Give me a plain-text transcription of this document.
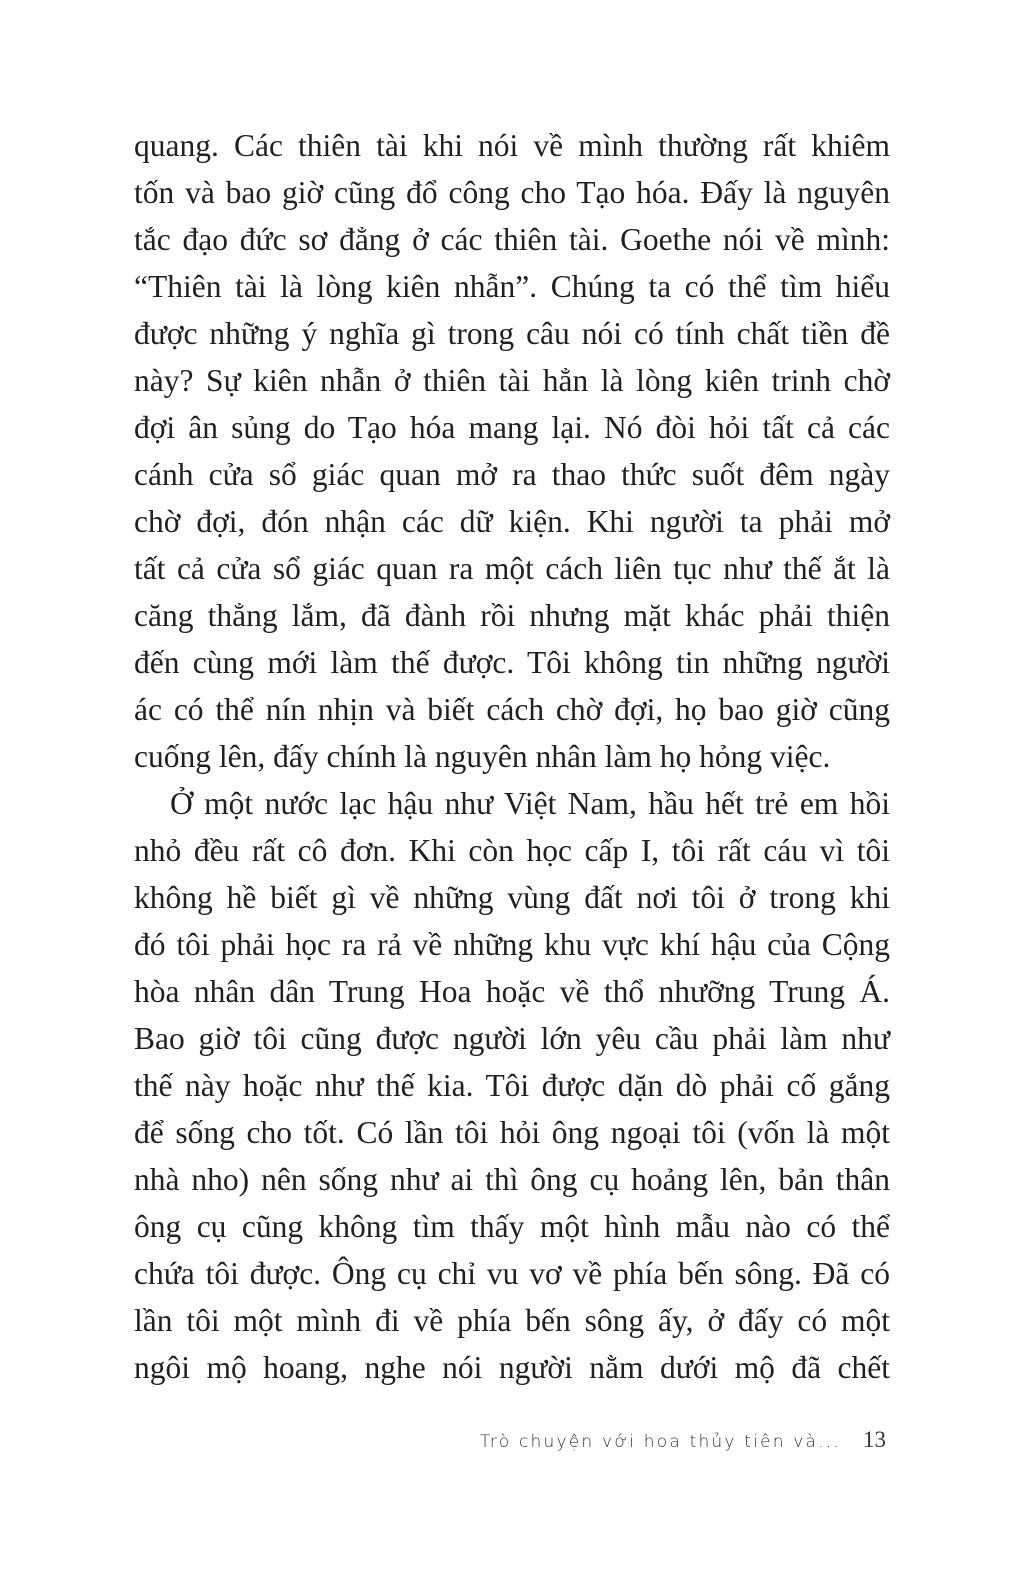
quang. Các thiên tài khi nói về mình thường rất khiêm
tốn và bao giờ cũng đổ công cho Tạo hóa. Đấy là nguyên
tắc đạo đức sơ đẳng ở các thiên tài. Goethe nói về mình:
“Thiên tài là lòng kiên nhẫn”. Chúng ta có thể tìm hiểu
được những ý nghĩa gì trong câu nói có tính chất tiền đề
này? Sự kiên nhẫn ở thiên tài hẳn là lòng kiên trinh chờ
đợi ân sủng do Tạo hóa mang lại. Nó đòi hỏi tất cả các
cánh cửa sổ giác quan mở ra thao thức suốt đêm ngày
chờ đợi, đón nhận các dữ kiện. Khi người ta phải mở
tất cả cửa sổ giác quan ra một cách liên tục như thế ắt là
căng thẳng lắm, đã đành rồi nhưng mặt khác phải thiện
đến cùng mới làm thế được. Tôi không tin những người
ác có thể nín nhịn và biết cách chờ đợi, họ bao giờ cũng
cuống lên, đấy chính là nguyên nhân làm họ hỏng việc.
Ở một nước lạc hậu như Việt Nam, hầu hết trẻ em hồi
nhỏ đều rất cô đơn. Khi còn học cấp I, tôi rất cáu vì tôi
không hề biết gì về những vùng đất nơi tôi ở trong khi
đó tôi phải học ra rả về những khu vực khí hậu của Cộng
hòa nhân dân Trung Hoa hoặc về thổ nhưỡng Trung Á.
Bao giờ tôi cũng được người lớn yêu cầu phải làm như
thế này hoặc như thế kia. Tôi được dặn dò phải cố gắng
để sống cho tốt. Có lần tôi hỏi ông ngoại tôi (vốn là một
nhà nho) nên sống như ai thì ông cụ hoảng lên, bản thân
ông cụ cũng không tìm thấy một hình mẫu nào có thể
chứa tôi được. Ông cụ chỉ vu vơ về phía bến sông. Đã có
lần tôi một mình đi về phía bến sông ấy, ở đấy có một
ngôi mộ hoang, nghe nói người nằm dưới mộ đã chết
Trò chuyện với hoa thủy tiên và... 13
